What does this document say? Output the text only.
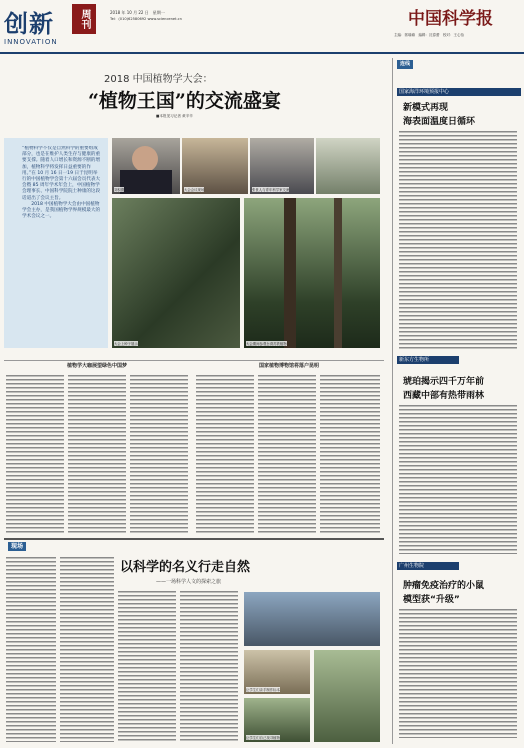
创新	周刊
INNOVATION
2018 年 10 月 22 日　星期一
Tel：(010)62580692 www.sciencenet.cn	中国科学报
主编：郭瑜瑜　编辑：沈春蕾　校对：王心怡
2018 中国植物学大会：
“植物王国”的交流盛宴
■本报见习记者 黄辛辛
“植物科学不仅是自然科学的重要组成部分，也是在维护人类生存与健康的重要支撑。随着人口增长和资源不断的增加，植物科学将发挥日益重要的作用。”在 10 月 16 日一19 日于昆明举行的中国植物学会第十六届会员代表大会暨 85 周年学术年会上，中国植物学会理事长、中国科学院院士种康的这段话道出了会议主旨。
　　2018 中国植物学大会由中国植物学会主办，是我国植物学界规模最大的学术会议之一。
刘积德	大会会议现场	张世人与青年科学家交流
大会上种子展示	大会期间参观台湾苏铁植物
植物学大咖展望绿色中国梦	国家植物博物馆将落户昆明
现场
以科学的名义行走自然
——一场科学人文的探索之旅
让学生们亲手制作标本
让学生们自己找寻植物
连线
国家海洋环境预报中心
新模式再现
海表面温度日循环
新东方生物所
琥珀揭示四千万年前
西藏中部有热带雨林
广州生物院
肿瘤免疫治疗的小鼠
模型获“升级”
